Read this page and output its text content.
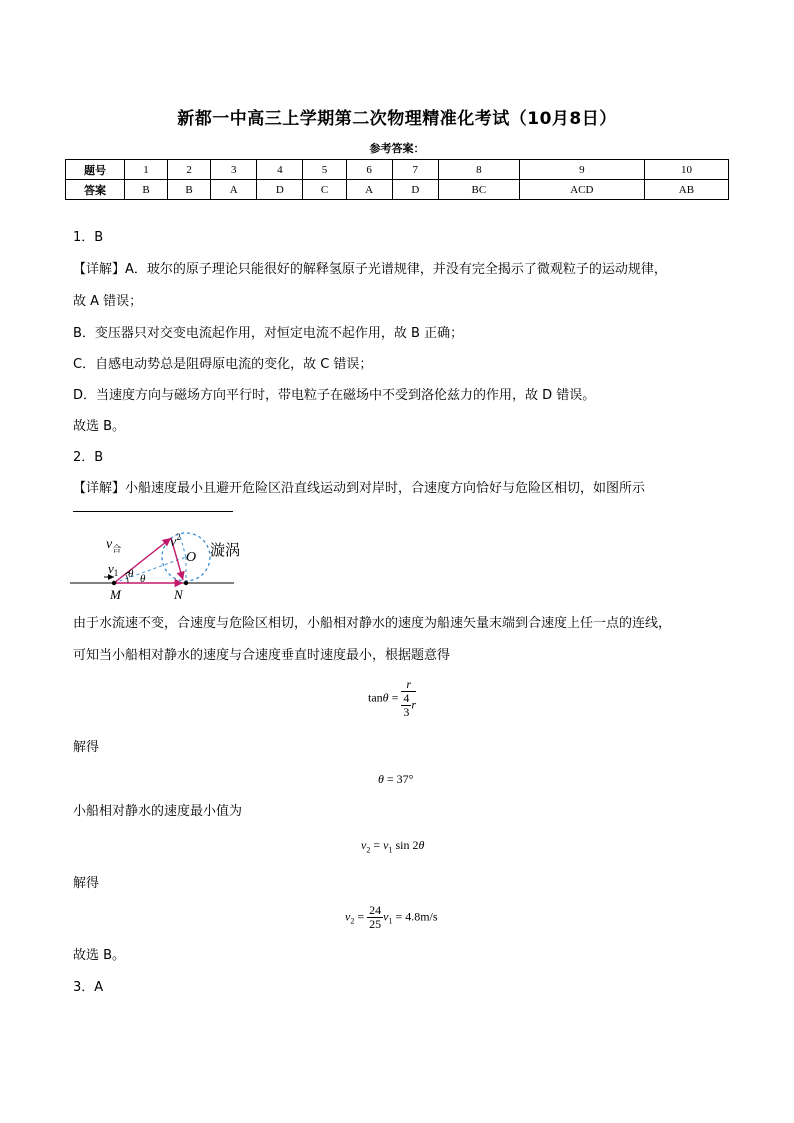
新都一中高三上学期第二次物理精准化考试（10月8日）
参考答案：
题号	1	2	3	4	5	6	7	8	9	10
答案	B	B	A	D	C	A	D	BC	ACD	AB
1．B
【详解】A．玻尔的原子理论只能很好的解释氢原子光谱规律，并没有完全揭示了微观粒子的运动规律，
故 A 错误；
B．变压器只对交变电流起作用，对恒定电流不起作用，故 B 正确；
C．自感电动势总是阻碍原电流的变化，故 C 错误；
D．当速度方向与磁场方向平行时，带电粒子在磁场中不受到洛伦兹力的作用，故 D 错误。
故选 B。
2．B
【详解】小船速度最小且避开危险区沿直线运动到对岸时，合速度方向恰好与危险区相切，如图所示
$v_合$	$v^2$
$v_1$ θ θ
O
M	N
漩涡
由于水流速不变，合速度与危险区相切，小船相对静水的速度为船速矢量末端到合速度上任一点的连线，
可知当小船相对静水的速度与合速度垂直时速度最小，根据题意得
$\tan\theta = \frac{r}{\frac{4}{3} r}$
解得
θ = 37°
小船相对静水的速度最小值为
$v_2 = v_1$ sin 2θ
解得
$v_2 = \frac{24}{25} v_1 = 4.8m/s$
故选 B。
3．A
